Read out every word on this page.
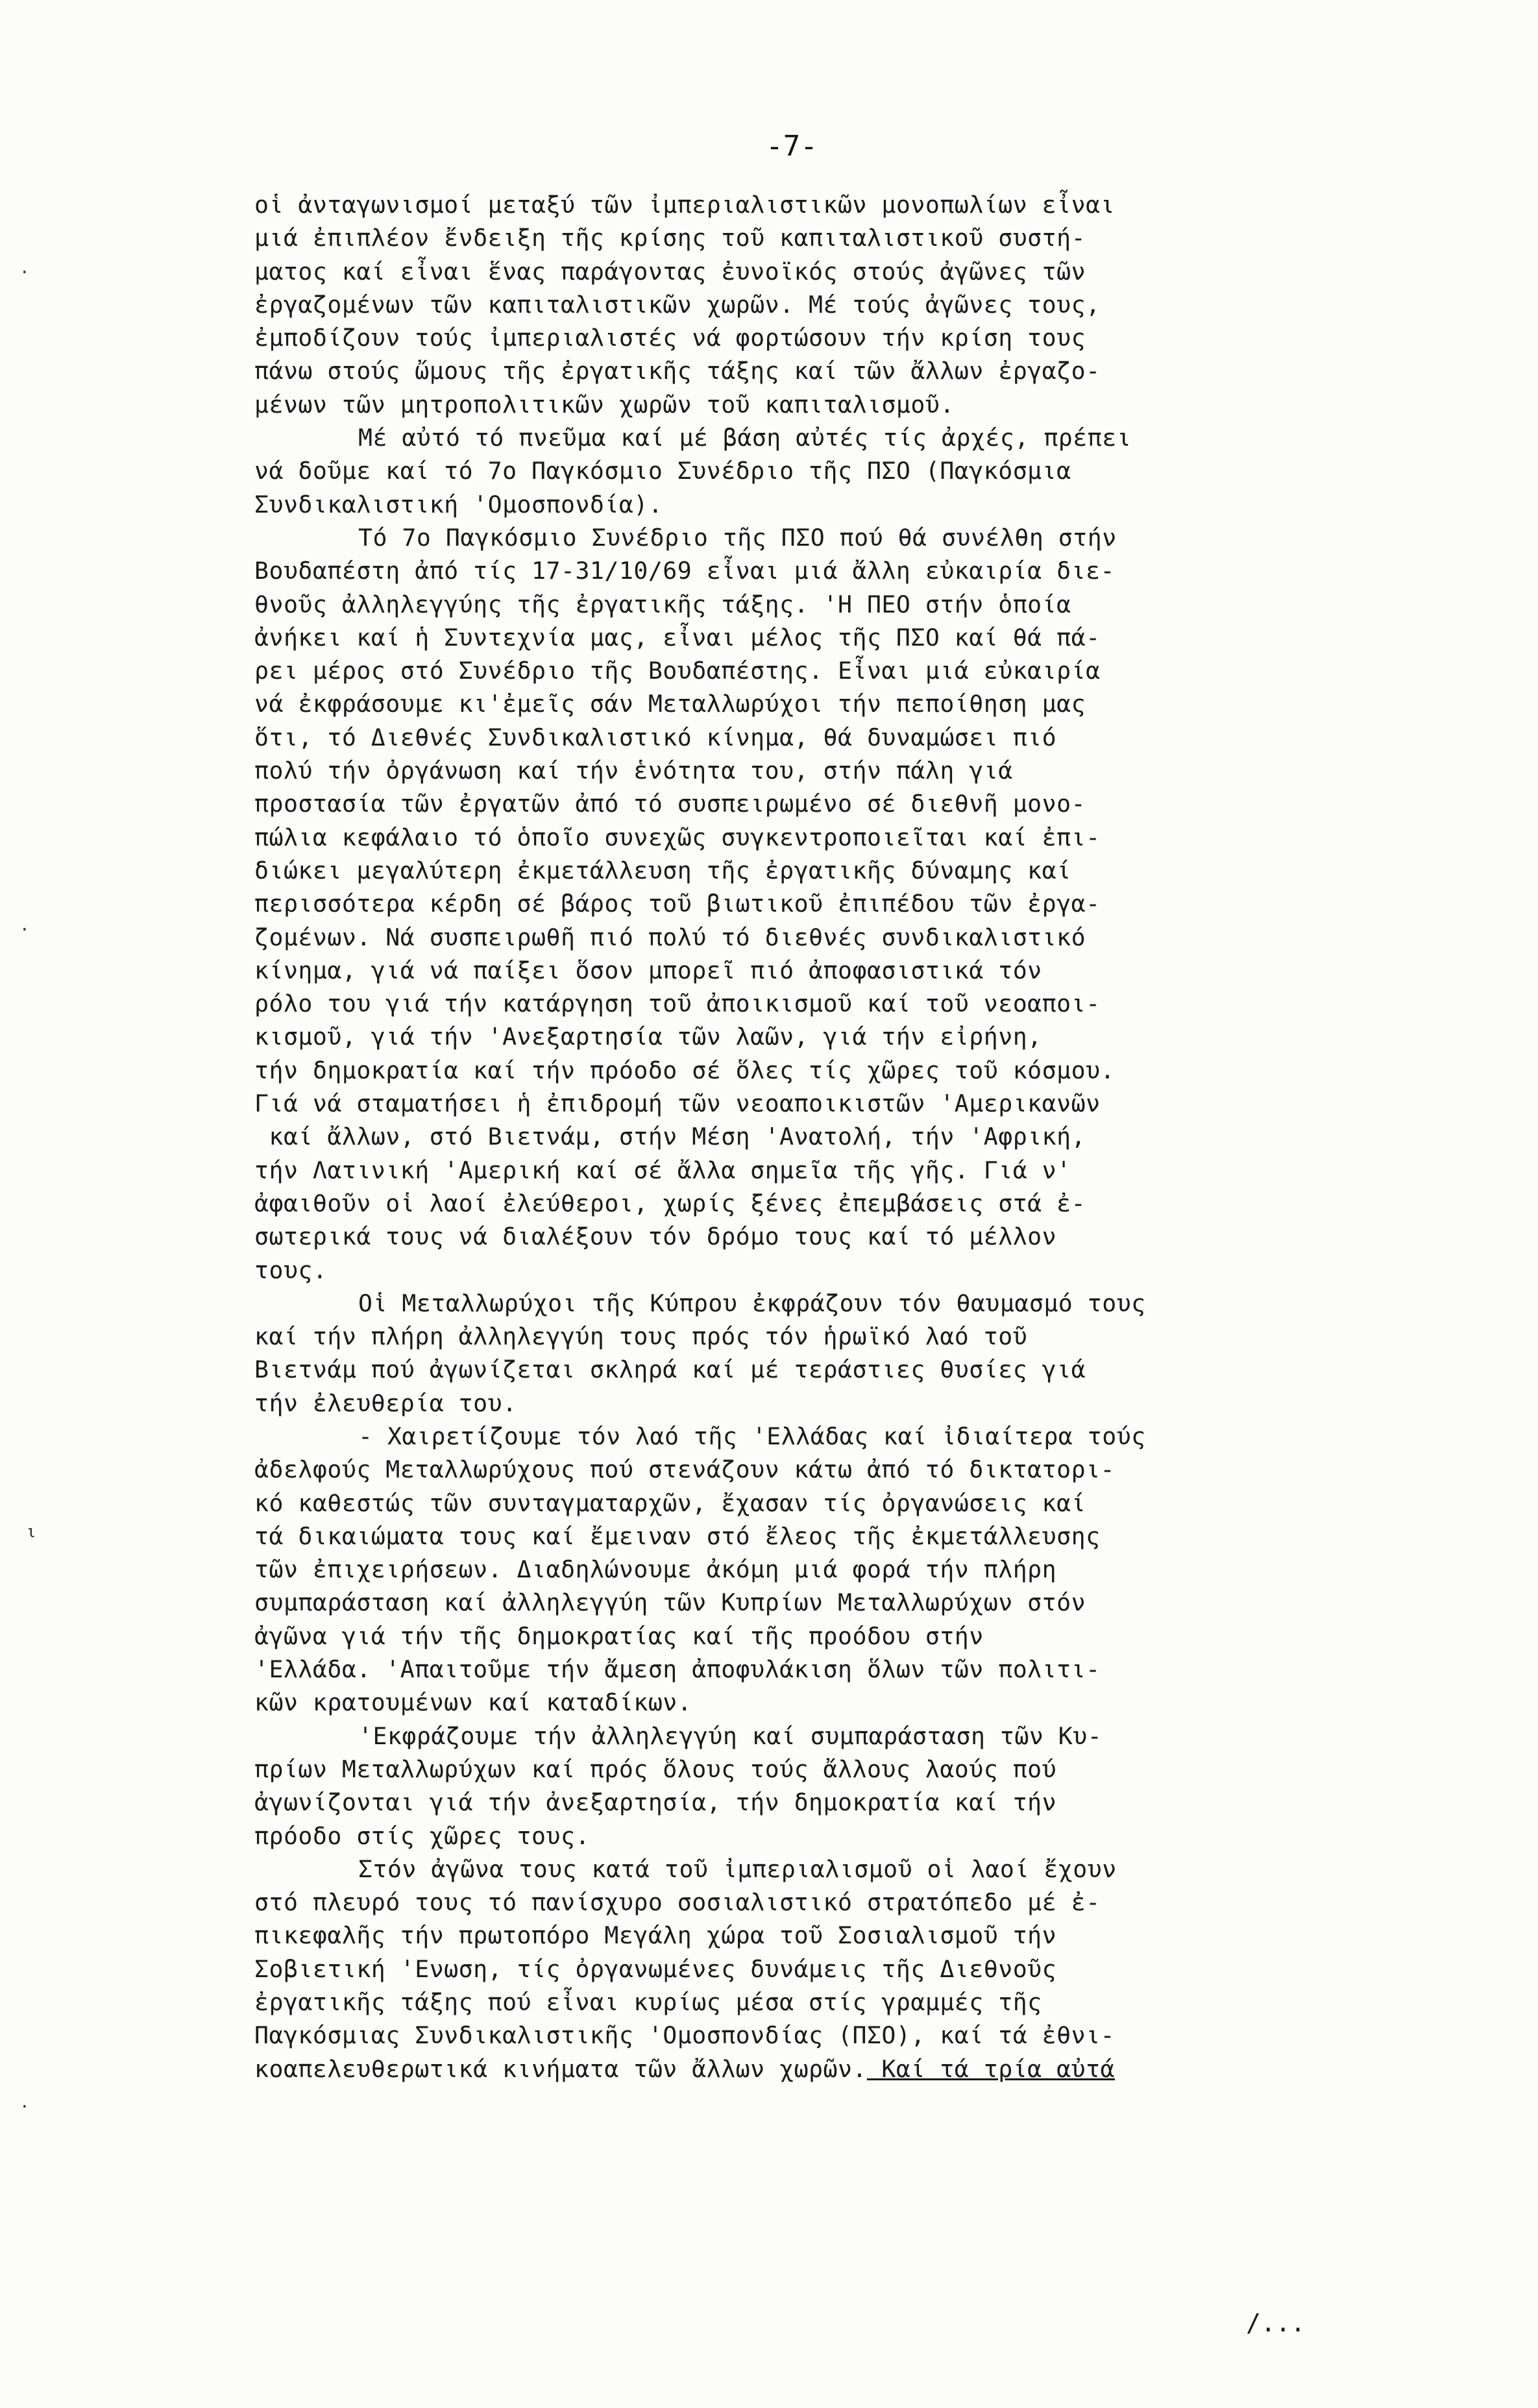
-7-
οἱ ἀνταγωνισμοί μεταξύ τῶν ἰμπεριαλιστικῶν μονοπωλίων εἶναι
μιά ἐπιπλέον ἔνδειξη τῆς κρίσης τοῦ καπιταλιστικοῦ συστή-
ματος καί εἶναι ἕνας παράγοντας ἐυνοϊκός στούς ἀγῶνες τῶν
ἐργαζομένων τῶν καπιταλιστικῶν χωρῶν. Μέ τούς ἀγῶνες τους,
ἐμποδίζουν τούς ἰμπεριαλιστές νά φορτώσουν τήν κρίση τους
πάνω στούς ὤμους τῆς ἐργατικῆς τάξης καί τῶν ἄλλων ἐργαζο-
μένων τῶν μητροπολιτικῶν χωρῶν τοῦ καπιταλισμοῦ.
Μέ αὐτό τό πνεῦμα καί μέ βάση αὐτές τίς ἀρχές, πρέπει
νά δοῦμε καί τό 7ο Παγκόσμιο Συνέδριο τῆς ΠΣΟ (Παγκόσμια
Συνδικαλιστική 'Ομοσπονδία).
Τό 7ο Παγκόσμιο Συνέδριο τῆς ΠΣΟ πού θά συνέλθη στήν
Βουδαπέστη ἀπό τίς 17-31/10/69 εἶναι μιά ἄλλη εὐκαιρία διε-
θνοῦς ἀλληλεγγύης τῆς ἐργατικῆς τάξης. 'Η ΠΕΟ στήν ὁποία
ἀνήκει καί ἡ Συντεχνία μας, εἶναι μέλος τῆς ΠΣΟ καί θά πά-
ρει μέρος στό Συνέδριο τῆς Βουδαπέστης. Εἶναι μιά εὐκαιρία
νά ἐκφράσουμε κι'ἐμεῖς σάν Μεταλλωρύχοι τήν πεποίθηση μας
ὅτι, τό Διεθνές Συνδικαλιστικό κίνημα, θά δυναμώσει πιό
πολύ τήν ὀργάνωση καί τήν ἑνότητα του, στήν πάλη γιά
προστασία τῶν ἐργατῶν ἀπό τό συσπειρωμένο σέ διεθνῆ μονο-
πώλια κεφάλαιο τό ὁποῖο συνεχῶς συγκεντροποιεῖται καί ἐπι-
διώκει μεγαλύτερη ἐκμετάλλευση τῆς ἐργατικῆς δύναμης καί
περισσότερα κέρδη σέ βάρος τοῦ βιωτικοῦ ἐπιπέδου τῶν ἐργα-
ζομένων. Νά συσπειρωθῆ πιό πολύ τό διεθνές συνδικαλιστικό
κίνημα, γιά νά παίξει ὅσον μπορεῖ πιό ἀποφασιστικά τόν
ρόλο του γιά τήν κατάργηση τοῦ ἀποικισμοῦ καί τοῦ νεοαποι-
κισμοῦ, γιά τήν 'Ανεξαρτησία τῶν λαῶν, γιά τήν εἰρήνη,
τήν δημοκρατία καί τήν πρόοδο σέ ὅλες τίς χῶρες τοῦ κόσμου.
Γιά νά σταματήσει ἡ ἐπιδρομή τῶν νεοαποικιστῶν 'Αμερικανῶν
καί ἄλλων, στό Βιετνάμ, στήν Μέση 'Ανατολή, τήν 'Αφρική,
τήν Λατινική 'Αμερική καί σέ ἄλλα σημεῖα τῆς γῆς. Γιά ν'
ἀφαιθοῦν οἱ λαοί ἐλεύθεροι, χωρίς ξένες ἐπεμβάσεις στά ἐ-
σωτερικά τους νά διαλέξουν τόν δρόμο τους καί τό μέλλον
τους.
Οἱ Μεταλλωρύχοι τῆς Κύπρου ἐκφράζουν τόν θαυμασμό τους
καί τήν πλήρη ἀλληλεγγύη τους πρός τόν ἡρωϊκό λαό τοῦ
Βιετνάμ πού ἀγωνίζεται σκληρά καί μέ τεράστιες θυσίες γιά
τήν ἐλευθερία του.
- Χαιρετίζουμε τόν λαό τῆς 'Ελλάδας καί ἰδιαίτερα τούς
ἀδελφούς Μεταλλωρύχους πού στενάζουν κάτω ἀπό τό δικτατορι-
κό καθεστώς τῶν συνταγματαρχῶν, ἔχασαν τίς ὀργανώσεις καί
τά δικαιώματα τους καί ἔμειναν στό ἔλεος τῆς ἐκμετάλλευσης
τῶν ἐπιχειρήσεων. Διαδηλώνουμε ἀκόμη μιά φορά τήν πλήρη
συμπαράσταση καί ἀλληλεγγύη τῶν Κυπρίων Μεταλλωρύχων στόν
ἀγῶνα γιά τήν τῆς δημοκρατίας καί τῆς προόδου στήν
'Ελλάδα. 'Απαιτοῦμε τήν ἄμεση ἀποφυλάκιση ὅλων τῶν πολιτι-
κῶν κρατουμένων καί καταδίκων.
'Εκφράζουμε τήν ἀλληλεγγύη καί συμπαράσταση τῶν Κυ-
πρίων Μεταλλωρύχων καί πρός ὅλους τούς ἄλλους λαούς πού
ἀγωνίζονται γιά τήν ἀνεξαρτησία, τήν δημοκρατία καί τήν
πρόοδο στίς χῶρες τους.
Στόν ἀγῶνα τους κατά τοῦ ἰμπεριαλισμοῦ οἱ λαοί ἔχουν
στό πλευρό τους τό πανίσχυρο σοσιαλιστικό στρατόπεδο μέ ἐ-
πικεφαλῆς τήν πρωτοπόρο Μεγάλη χώρα τοῦ Σοσιαλισμοῦ τήν
Σοβιετική 'Ενωση, τίς ὀργανωμένες δυνάμεις τῆς Διεθνοῦς
ἐργατικῆς τάξης πού εἶναι κυρίως μέσα στίς γραμμές τῆς
Παγκόσμιας Συνδικαλιστικῆς 'Ομοσπονδίας (ΠΣΟ), καί τά ἐθνι-
κοαπελευθερωτικά κινήματα τῶν ἄλλων χωρῶν. Καί τά τρία αὐτά
/...
·
·
ι
·
